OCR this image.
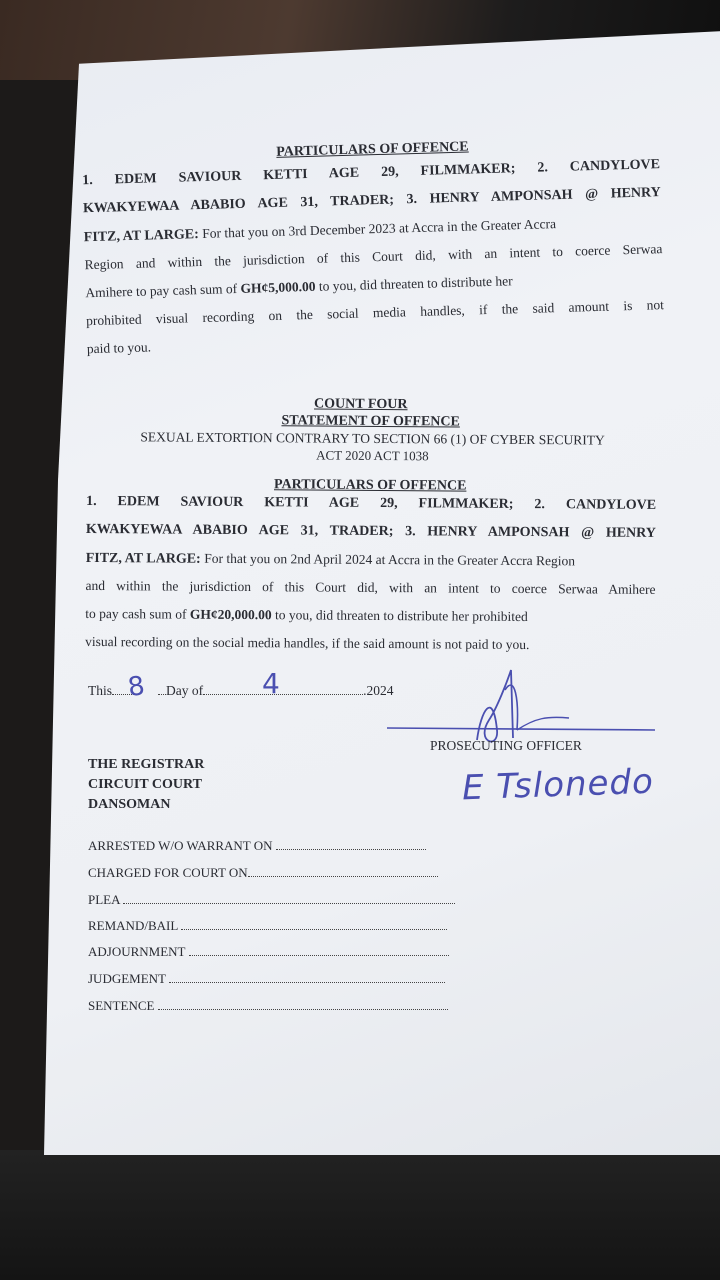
PARTICULARS OF OFFENCE
1. EDEM SAVIOUR KETTI AGE 29, FILMMAKER; 2. CANDYLOVE
KWAKYEWAA ABABIO AGE 31, TRADER; 3. HENRY AMPONSAH @ HENRY
FITZ, AT LARGE: For that you on 3rd December 2023 at Accra in the Greater Accra
Region and within the jurisdiction of this Court did, with an intent to coerce Serwaa
Amihere to pay cash sum of GH¢5,000.00 to you, did threaten to distribute her
prohibited visual recording on the social media handles, if the said amount is not
paid to you.
COUNT FOUR
STATEMENT OF OFFENCE
SEXUAL EXTORTION CONTRARY TO SECTION 66 (1) OF CYBER SECURITY
ACT 2020 ACT 1038
PARTICULARS OF OFFENCE
1. EDEM SAVIOUR KETTI AGE 29, FILMMAKER; 2. CANDYLOVE
KWAKYEWAA ABABIO AGE 31, TRADER; 3. HENRY AMPONSAH @ HENRY
FITZ, AT LARGE: For that you on 2nd April 2024 at Accra in the Greater Accra Region
and within the jurisdiction of this Court did, with an intent to coerce Serwaa Amihere
to pay cash sum of GH¢20,000.00 to you, did threaten to distribute her prohibited
visual recording on the social media handles, if the said amount is not paid to you.
This	Day of	.2024
8	4
PROSECUTING OFFICER
E Tslonedo
THE REGISTRAR
CIRCUIT COURT
DANSOMAN
ARRESTED W/O WARRANT ON
CHARGED FOR COURT ON
PLEA
REMAND/BAIL
ADJOURNMENT
JUDGEMENT
SENTENCE
